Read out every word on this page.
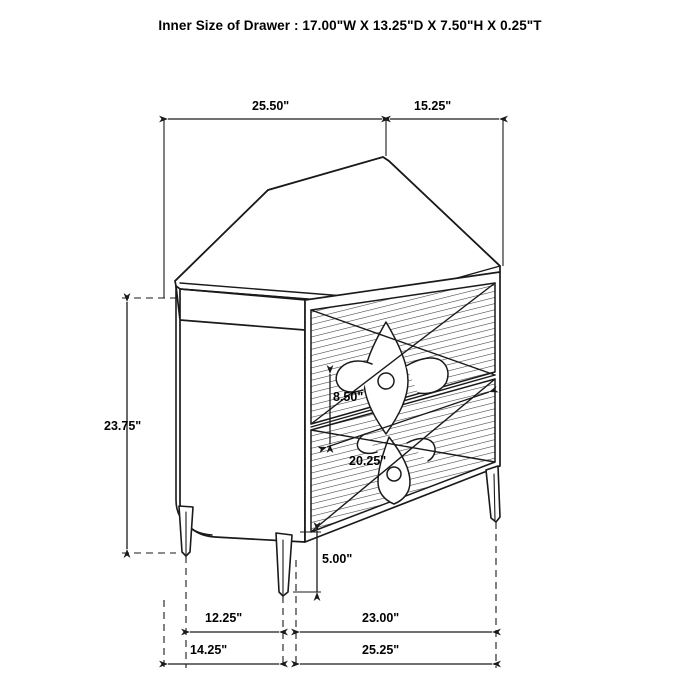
Inner Size of Drawer : 17.00"W X 13.25"D X 7.50"H X 0.25"T
25.50"	15.25"
23.75"
8.50"
20.25"
5.00"
12.25"	23.00"
14.25"	25.25"
